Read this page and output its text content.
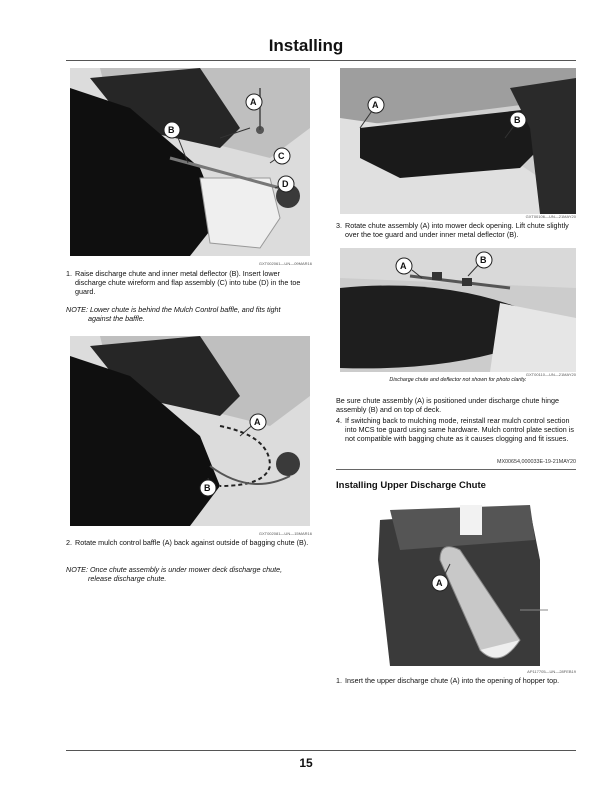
Installing
A
B
C
D
GXT002061—UN—09MAR16
1. Raise discharge chute and inner metal deflector (B). Insert lower discharge chute wireform and flap assembly (C) into tube (D) in the toe guard.
NOTE: Lower chute is behind the Mulch Control baffle, and fits tight
against the baffle.
A
B
GXT002081—UN—15MAR16
2. Rotate mulch control baffle (A) back against outside of bagging chute (B).
NOTE: Once chute assembly is under mower deck discharge chute,
release discharge chute.
A
B
GXT00106—UN—21MAY20
3. Rotate chute assembly (A) into mower deck opening. Lift chute slightly over the toe guard and under inner metal deflector (B).
A
B
GXT00110—UN—21MAY20
Discharge chute and deflector not shown for photo clarity.
Be sure chute assembly (A) is positioned under discharge chute hinge assembly (B) and on top of deck.
4. If switching back to mulching mode, reinstall rear mulch control section into MCS toe guard using same hardware. Mulch control plate section is not compatible with bagging chute as it causes clogging and fit issues.
MX00654,000033E-19-21MAY20
Installing Upper Discharge Chute
A
AP117705—UN—28FEB19
1. Insert the upper discharge chute (A) into the opening of hopper top.
15
